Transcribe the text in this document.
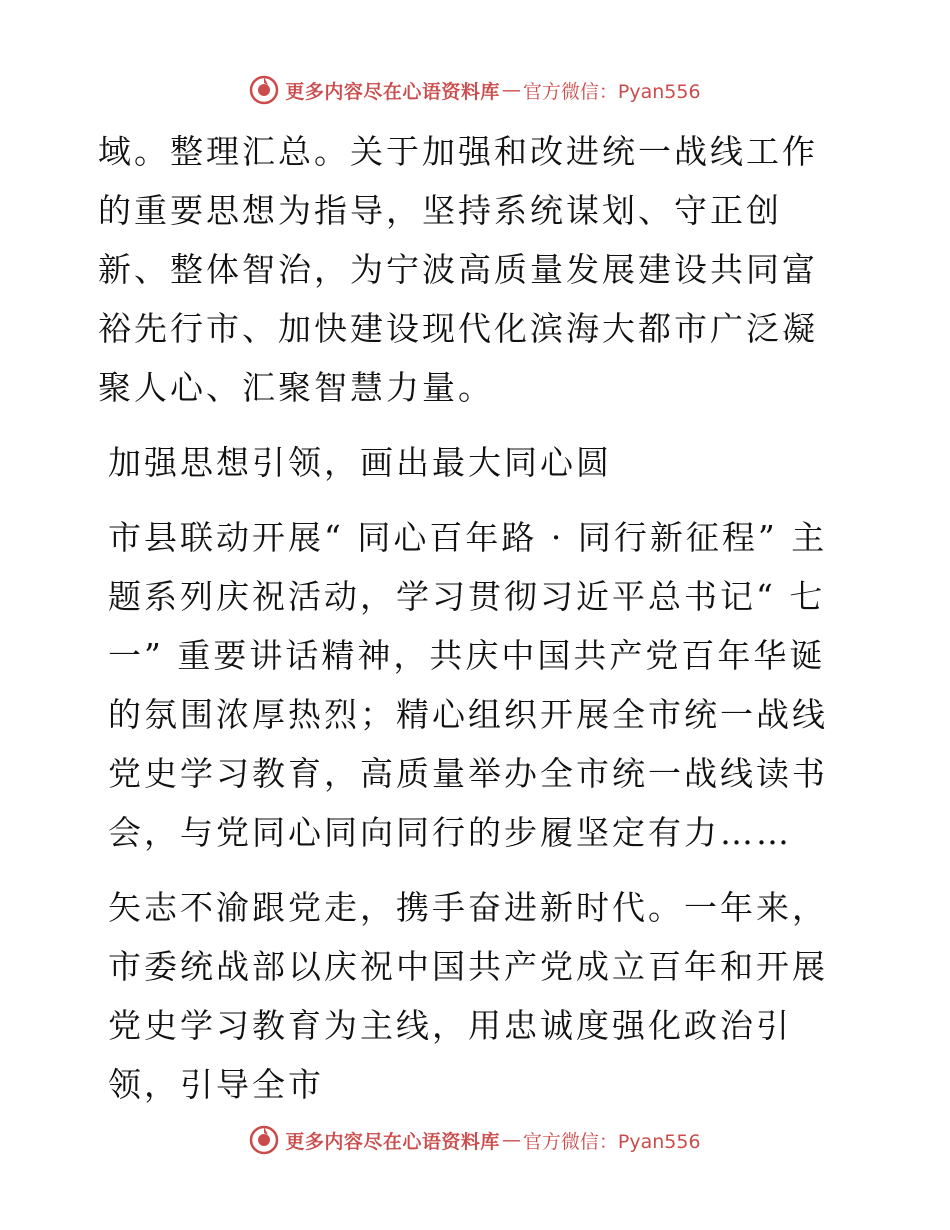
更多内容尽在心语资料库 — 官方微信：Pyan556

域。整理汇总。关于加强和改进统一战线工作的重要思想为指导，坚持系统谋划、守正创新、整体智治，为宁波高质量发展建设共同富裕先行市、加快建设现代化滨海大都市广泛凝聚人心、汇聚智慧力量。

加强思想引领，画出最大同心圆

市县联动开展“ 同心百年路 · 同行新征程” 主题系列庆祝活动，学习贯彻习近平总书记“ 七一” 重要讲话精神，共庆中国共产党百年华诞的氛围浓厚热烈；精心组织开展全市统一战线党史学习教育，高质量举办全市统一战线读书会，与党同心同向同行的步履坚定有力……

矢志不渝跟党走，携手奋进新时代。一年来，市委统战部以庆祝中国共产党成立百年和开展党史学习教育为主线，用忠诚度强化政治引领，引导全市

更多内容尽在心语资料库 — 官方微信：Pyan556
